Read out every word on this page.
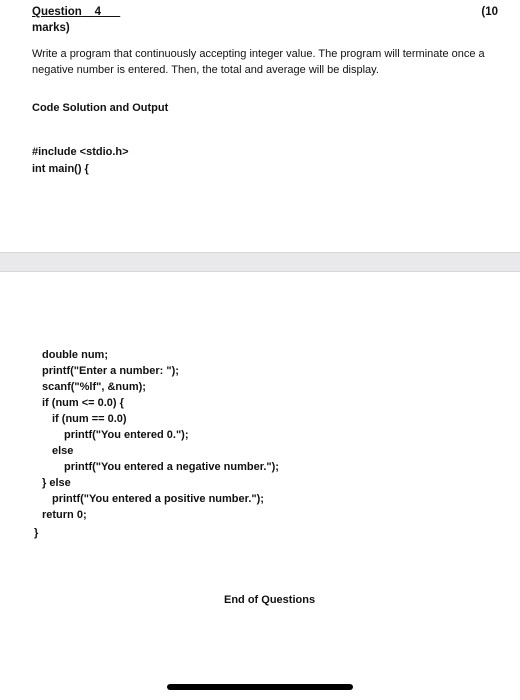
Question 4	(10
marks)
Write a program that continuously accepting integer value. The program will terminate once a negative number is entered. Then, the total and average will be display.
Code Solution and Output
#include <stdio.h>
int main() {
double num;
printf("Enter a number: ");
scanf("%lf", &num);
if (num <= 0.0) {
if (num == 0.0)
printf("You entered 0.");
else
printf("You entered a negative number.");
} else
printf("You entered a positive number.");
return 0;
}
End of Questions
